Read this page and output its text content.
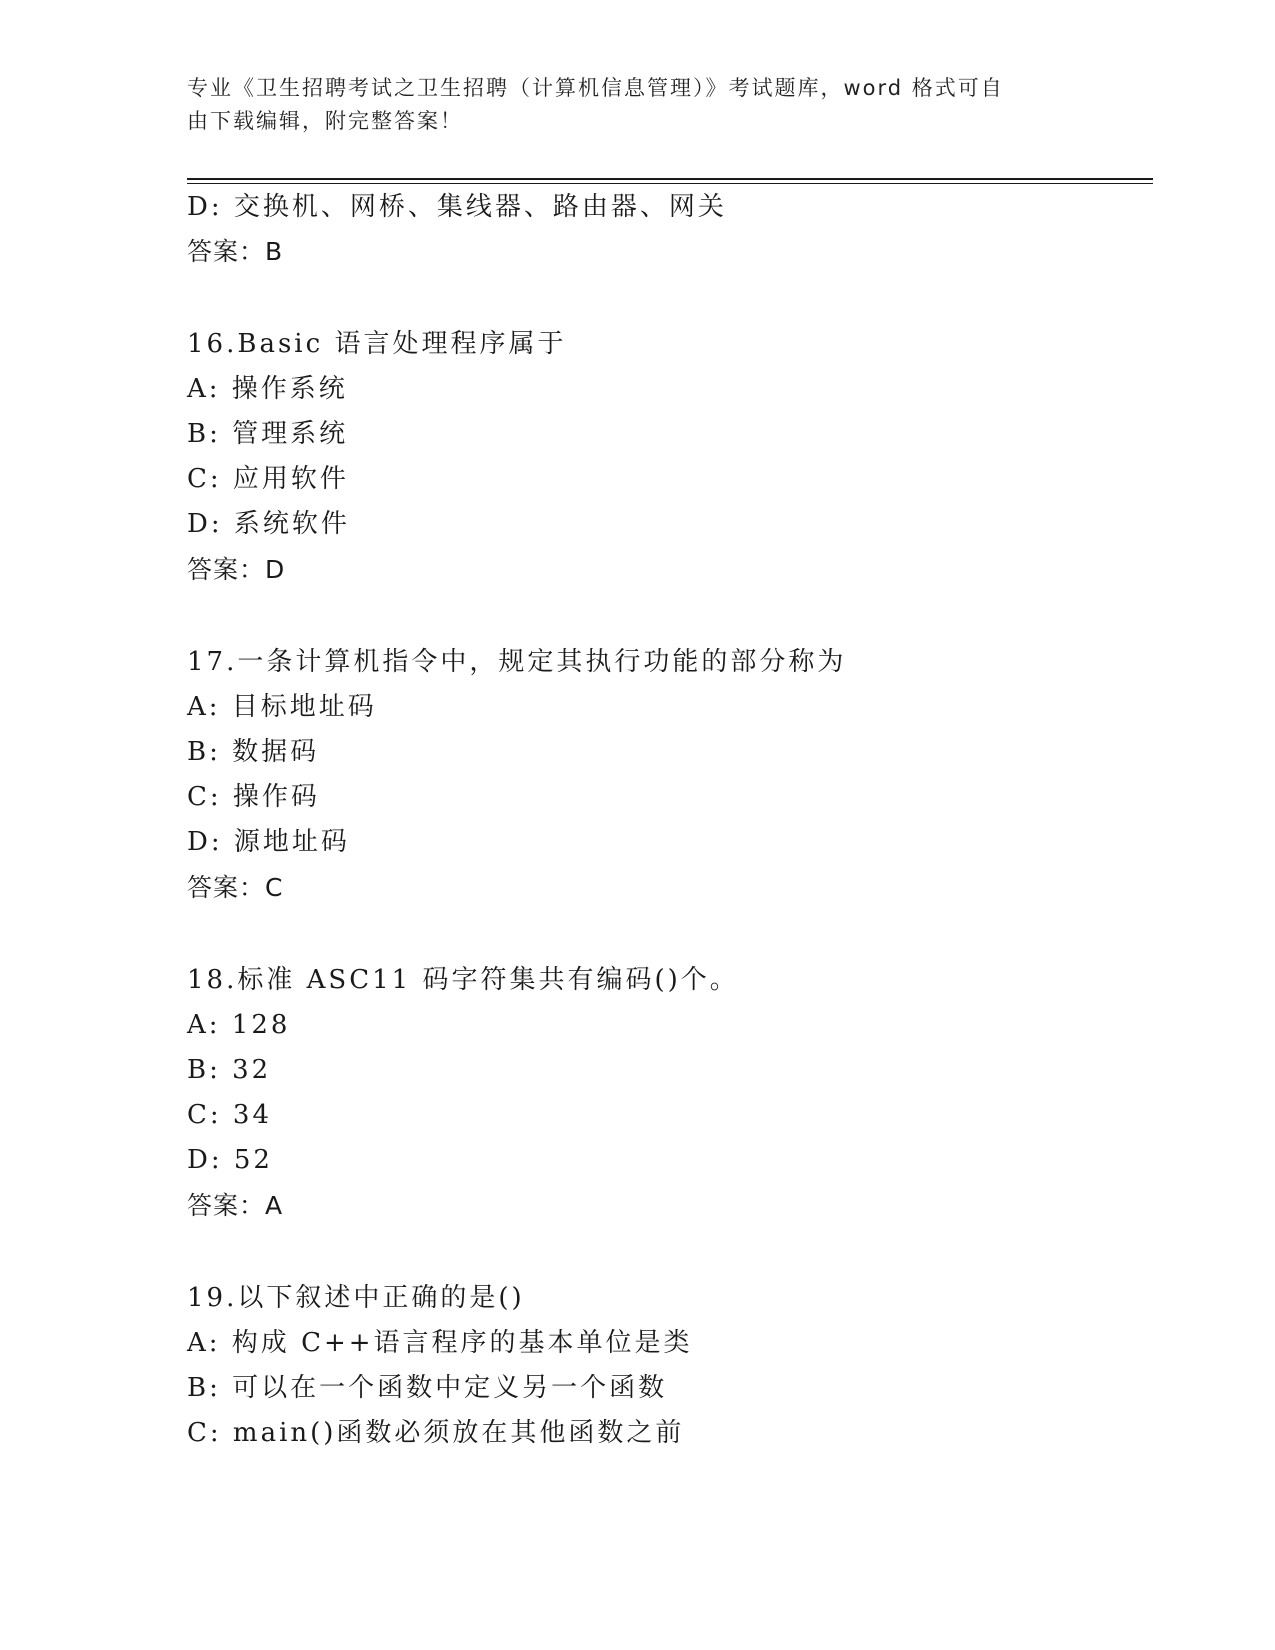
专业《卫生招聘考试之卫生招聘（计算机信息管理）》考试题库，word 格式可自
由下载编辑，附完整答案！
D: 交换机、网桥、集线器、路由器、网关
答案：B
16.Basic 语言处理程序属于
A: 操作系统
B: 管理系统
C: 应用软件
D: 系统软件
答案：D
17.一条计算机指令中，规定其执行功能的部分称为
A: 目标地址码
B: 数据码
C: 操作码
D: 源地址码
答案：C
18.标准 ASC11 码字符集共有编码()个。
A: 128
B: 32
C: 34
D: 52
答案：A
19.以下叙述中正确的是()
A: 构成 C++语言程序的基本单位是类
B: 可以在一个函数中定义另一个函数
C: main()函数必须放在其他函数之前
